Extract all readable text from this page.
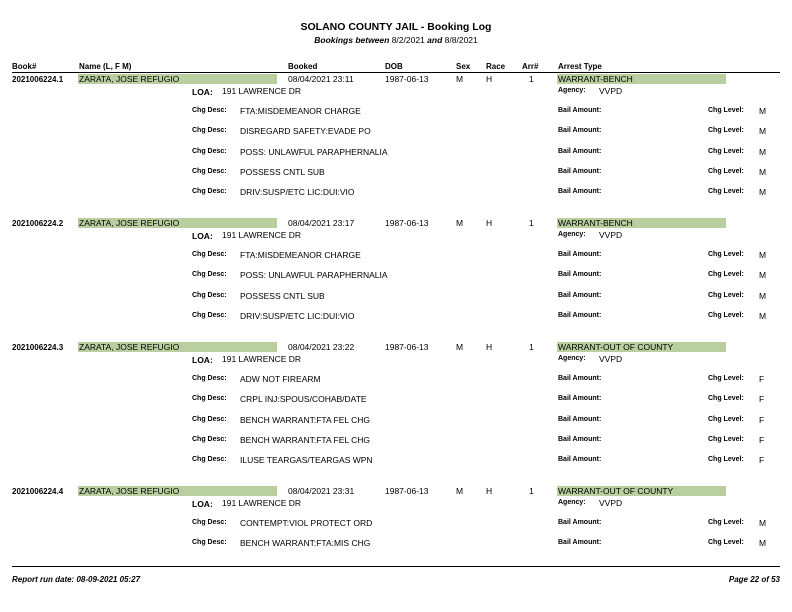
SOLANO COUNTY JAIL - Booking Log
Bookings between 8/2/2021 and 8/8/2021
Book#	Name (L, F M)	Booked	DOB	Sex Race Arr# Arrest Type
2021006224.1 ZARATA, JOSE REFUGIO	08/04/2021 23:11	1987-06-13	M	H	1	WARRANT-BENCH
LOA: 191 LAWRENCE DR	Agency: VVPD
Chg Desc: FTA:MISDEMEANOR CHARGE	Bail Amount:	Chg Level: M
Chg Desc: DISREGARD SAFETY:EVADE PO	Bail Amount:	Chg Level: M
Chg Desc: POSS: UNLAWFUL PARAPHERNALIA	Bail Amount:	Chg Level: M
Chg Desc: POSSESS CNTL SUB	Bail Amount:	Chg Level: M
Chg Desc: DRIV:SUSP/ETC LIC:DUI:VIO	Bail Amount:	Chg Level: M
2021006224.2 ZARATA, JOSE REFUGIO	08/04/2021 23:17	1987-06-13	M	H	1	WARRANT-BENCH
LOA: 191 LAWRENCE DR	Agency: VVPD
Chg Desc: FTA:MISDEMEANOR CHARGE	Bail Amount:	Chg Level: M
Chg Desc: POSS: UNLAWFUL PARAPHERNALIA	Bail Amount:	Chg Level: M
Chg Desc: POSSESS CNTL SUB	Bail Amount:	Chg Level: M
Chg Desc: DRIV:SUSP/ETC LIC:DUI:VIO	Bail Amount:	Chg Level: M
2021006224.3 ZARATA, JOSE REFUGIO	08/04/2021 23:22	1987-06-13	M	H	1	WARRANT-OUT OF COUNTY
LOA: 191 LAWRENCE DR	Agency: VVPD
Chg Desc: ADW NOT FIREARM	Bail Amount:	Chg Level: F
Chg Desc: CRPL INJ:SPOUS/COHAB/DATE	Bail Amount:	Chg Level: F
Chg Desc: BENCH WARRANT:FTA FEL CHG	Bail Amount:	Chg Level: F
Chg Desc: BENCH WARRANT:FTA FEL CHG	Bail Amount:	Chg Level: F
Chg Desc: ILUSE TEARGAS/TEARGAS WPN	Bail Amount:	Chg Level: F
2021006224.4 ZARATA, JOSE REFUGIO	08/04/2021 23:31	1987-06-13	M	H	1	WARRANT-OUT OF COUNTY
LOA: 191 LAWRENCE DR	Agency: VVPD
Chg Desc: CONTEMPT:VIOL PROTECT ORD	Bail Amount:	Chg Level: M
Chg Desc: BENCH WARRANT:FTA:MIS CHG	Bail Amount:	Chg Level: M
Report run date: 08-09-2021 05:27	Page 22 of 53
